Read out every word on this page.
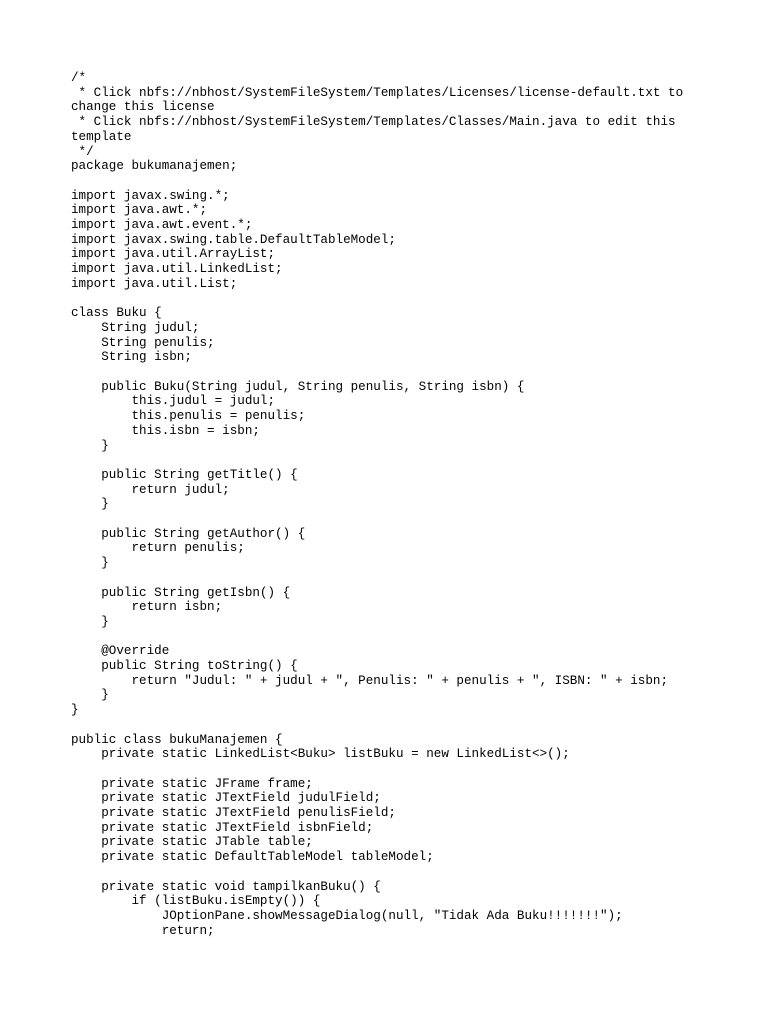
/*
* Click nbfs://nbhost/SystemFileSystem/Templates/Licenses/license-default.txt to
change this license
* Click nbfs://nbhost/SystemFileSystem/Templates/Classes/Main.java to edit this
template
*/
package bukumanajemen;
import javax.swing.*;
import java.awt.*;
import java.awt.event.*;
import javax.swing.table.DefaultTableModel;
import java.util.ArrayList;
import java.util.LinkedList;
import java.util.List;
class Buku {
String judul;
String penulis;
String isbn;
public Buku(String judul, String penulis, String isbn) {
this.judul = judul;
this.penulis = penulis;
this.isbn = isbn;
}
public String getTitle() {
return judul;
}
public String getAuthor() {
return penulis;
}
public String getIsbn() {
return isbn;
}
@Override
public String toString() {
return "Judul: " + judul + ", Penulis: " + penulis + ", ISBN: " + isbn;
}
}
public class bukuManajemen {
private static LinkedList<Buku> listBuku = new LinkedList<>();
private static JFrame frame;
private static JTextField judulField;
private static JTextField penulisField;
private static JTextField isbnField;
private static JTable table;
private static DefaultTableModel tableModel;
private static void tampilkanBuku() {
if (listBuku.isEmpty()) {
JOptionPane.showMessageDialog(null, "Tidak Ada Buku!!!!!!!");
return;
